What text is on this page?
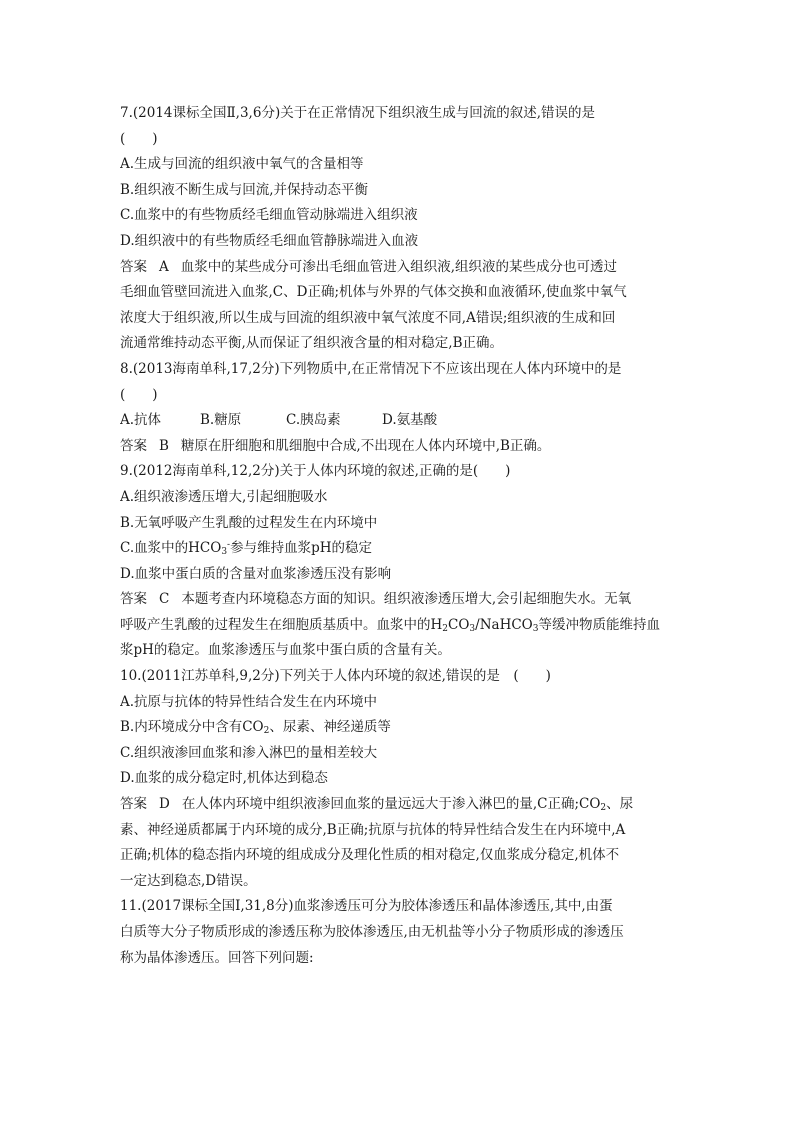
7.(2014课标全国Ⅱ,3,6分)关于在正常情况下组织液生成与回流的叙述,错误的是
(　　)
A.生成与回流的组织液中氧气的含量相等
B.组织液不断生成与回流,并保持动态平衡
C.血浆中的有些物质经毛细血管动脉端进入组织液
D.组织液中的有些物质经毛细血管静脉端进入血液
答案 A 血浆中的某些成分可渗出毛细血管进入组织液,组织液的某些成分也可透过
毛细血管壁回流进入血浆,C、D正确;机体与外界的气体交换和血液循环,使血浆中氧气
浓度大于组织液,所以生成与回流的组织液中氧气浓度不同,A错误;组织液的生成和回
流通常维持动态平衡,从而保证了组织液含量的相对稳定,B正确。
8.(2013海南单科,17,2分)下列物质中,在正常情况下不应该出现在人体内环境中的是
(　　)
A.抗体	B.糖原	C.胰岛素	D.氨基酸
答案 B 糖原在肝细胞和肌细胞中合成,不出现在人体内环境中,B正确。
9.(2012海南单科,12,2分)关于人体内环境的叙述,正确的是(　　)
A.组织液渗透压增大,引起细胞吸水
B.无氧呼吸产生乳酸的过程发生在内环境中
C.血浆中的$HCO_3^-$参与维持血浆pH的稳定
D.血浆中蛋白质的含量对血浆渗透压没有影响
答案 C 本题考查内环境稳态方面的知识。组织液渗透压增大,会引起细胞失水。无氧
呼吸产生乳酸的过程发生在细胞质基质中。血浆中的$H_2CO_3/NaHCO_3$等缓冲物质能维持血
浆pH的稳定。血浆渗透压与血浆中蛋白质的含量有关。
10.(2011江苏单科,9,2分)下列关于人体内环境的叙述,错误的是　(　　)
A.抗原与抗体的特异性结合发生在内环境中
B.内环境成分中含有$CO_2$、尿素、神经递质等
C.组织液渗回血浆和渗入淋巴的量相差较大
D.血浆的成分稳定时,机体达到稳态
答案 D 在人体内环境中组织液渗回血浆的量远远大于渗入淋巴的量,C正确$;CO_2$、尿
素、神经递质都属于内环境的成分,B正确;抗原与抗体的特异性结合发生在内环境中,A
正确;机体的稳态指内环境的组成成分及理化性质的相对稳定,仅血浆成分稳定,机体不
一定达到稳态,D错误。
11.(2017课标全国Ⅰ,31,8分)血浆渗透压可分为胶体渗透压和晶体渗透压,其中,由蛋
白质等大分子物质形成的渗透压称为胶体渗透压,由无机盐等小分子物质形成的渗透压
称为晶体渗透压。回答下列问题:
